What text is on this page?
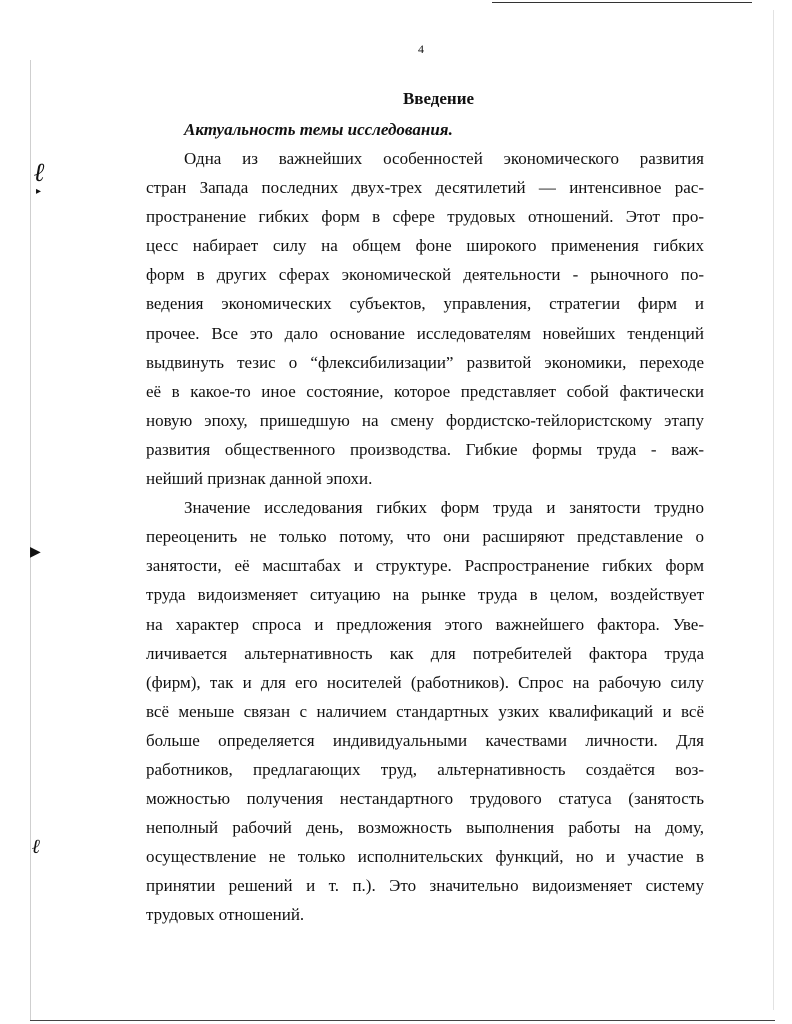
ℓ
▸
▶
ℓ
4
Введение
Актуальность темы исследования.
Одна из важнейших особенностей экономического развития
стран Запада последних двух-трех десятилетий — интенсивное рас-
пространение гибких форм в сфере трудовых отношений. Этот про-
цесс набирает силу на общем фоне широкого применения гибких
форм в других сферах экономической деятельности - рыночного по-
ведения экономических субъектов, управления, стратегии фирм и
прочее. Все это дало основание исследователям новейших тенденций
выдвинуть тезис о “флексибилизации” развитой экономики, переходе
её в какое-то иное состояние, которое представляет собой фактически
новую эпоху, пришедшую на смену фордистско-тейлористскому этапу
развития общественного производства. Гибкие формы труда - важ-
нейший признак данной эпохи.
Значение исследования гибких форм труда и занятости трудно
переоценить не только потому, что они расширяют представление о
занятости, её масштабах и структуре. Распространение гибких форм
труда видоизменяет ситуацию на рынке труда в целом, воздействует
на характер спроса и предложения этого важнейшего фактора. Уве-
личивается альтернативность как для потребителей фактора труда
(фирм), так и для его носителей (работников). Спрос на рабочую силу
всё меньше связан с наличием стандартных узких квалификаций и всё
больше определяется индивидуальными качествами личности. Для
работников, предлагающих труд, альтернативность создаётся воз-
можностью получения нестандартного трудового статуса (занятость
неполный рабочий день, возможность выполнения работы на дому,
осуществление не только исполнительских функций, но и участие в
принятии решений и т. п.). Это значительно видоизменяет систему
трудовых отношений.
